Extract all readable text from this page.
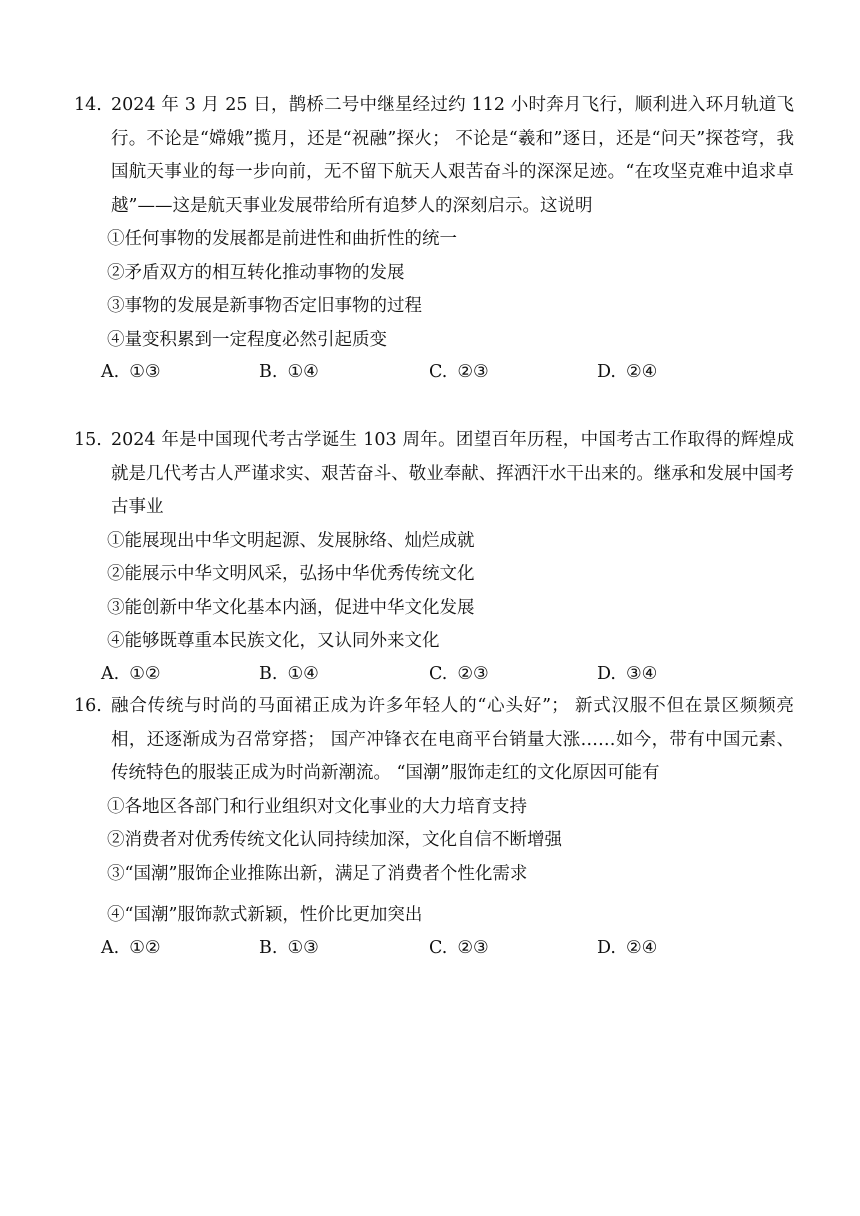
14. 2024 年 3 月 25 日，鹊桥二号中继星经过约 112 小时奔月飞行，顺利进入环月轨道飞行。不论是“嫦娥”揽月，还是“祝融”探火； 不论是“羲和”逐日，还是“问天”探苍穹，我国航天事业的每一步向前，无不留下航天人艰苦奋斗的深深足迹。“在攻坚克难中追求卓越”——这是航天事业发展带给所有追梦人的深刻启示。这说明
①任何事物的发展都是前进性和曲折性的统一
②矛盾双方的相互转化推动事物的发展
③事物的发展是新事物否定旧事物的过程
④量变积累到一定程度必然引起质变
A. ①③	B. ①④	C. ②③	D. ②④
15. 2024 年是中国现代考古学诞生 103 周年。团望百年历程，中国考古工作取得的辉煌成就是几代考古人严谨求实、艰苦奋斗、敬业奉献、挥洒汗水干出来的。继承和发展中国考古事业
①能展现出中华文明起源、发展脉络、灿烂成就
②能展示中华文明风采，弘扬中华优秀传统文化
③能创新中华文化基本内涵，促进中华文化发展
④能够既尊重本民族文化，又认同外来文化
A. ①②	B. ①④	C. ②③	D. ③④
16. 融合传统与时尚的马面裙正成为许多年轻人的“心头好”； 新式汉服不但在景区频频亮相，还逐渐成为召常穿搭； 国产冲锋衣在电商平台销量大涨……如今，带有中国元素、传统特色的服装正成为时尚新潮流。 “国潮”服饰走红的文化原因可能有
①各地区各部门和行业组织对文化事业的大力培育支持
②消费者对优秀传统文化认同持续加深，文化自信不断增强
③“国潮”服饰企业推陈出新，满足了消费者个性化需求
④“国潮”服饰款式新颖，性价比更加突出
A. ①②	B. ①③	C. ②③	D. ②④
